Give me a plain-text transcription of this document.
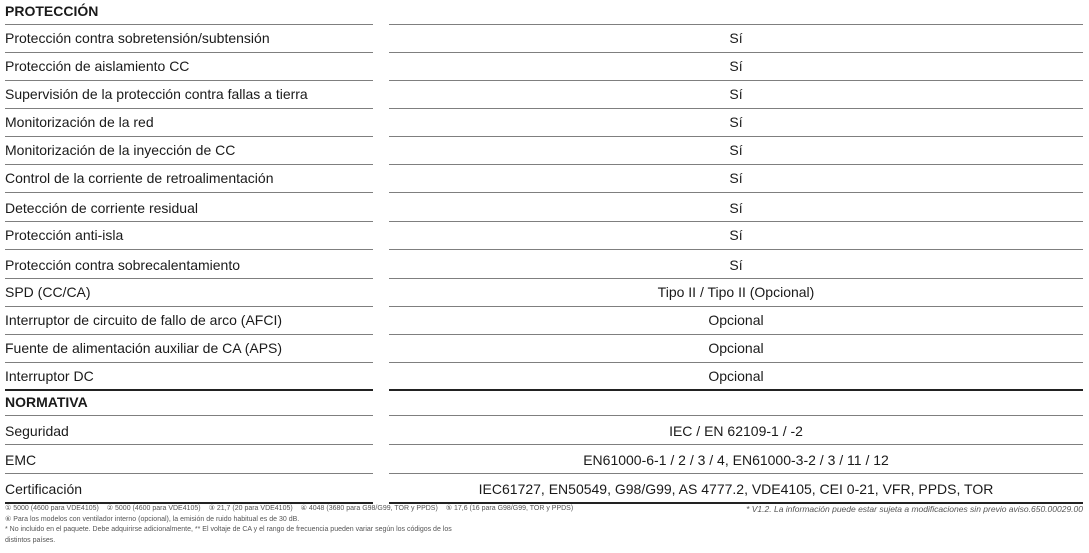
PROTECCIÓN
Protección contra sobretensión/subtensión	Sí
Protección de aislamiento CC	Sí
Supervisión de la protección contra fallas a tierra	Sí
Monitorización de la red	Sí
Monitorización de la inyección de CC	Sí
Control de la corriente de retroalimentación	Sí
Detección de corriente residual	Sí
Protección anti-isla	Sí
Protección contra sobrecalentamiento	Sí
SPD (CC/CA)	Tipo II / Tipo II (Opcional)
Interruptor de circuito de fallo de arco (AFCI)	Opcional
Fuente de alimentación auxiliar de CA (APS)	Opcional
Interruptor DC	Opcional
NORMATIVA
Seguridad	IEC / EN 62109-1 / -2
EMC	EN61000-6-1 / 2 / 3 / 4, EN61000-3-2 / 3 / 11 / 12
Certificación	IEC61727, EN50549, G98/G99, AS 4777.2, VDE4105, CEI 0-21, VFR, PPDS, TOR
① 5000 (4600 para VDE4105) ② 5000 (4600 para VDE4105) ③ 21,7 (20 para VDE4105) ④ 4048 (3680 para G98/G99, TOR y PPDS) ⑤ 17,6 (16 para G98/G99, TOR y PPDS)
⑥ Para los modelos con ventilador interno (opcional), la emisión de ruido habitual es de 30 dB.
* No incluido en el paquete. Debe adquirirse adicionalmente, ** El voltaje de CA y el rango de frecuencia pueden variar según los códigos de los
distintos países.
* V1.2. La información puede estar sujeta a modificaciones sin previo aviso.650.00029.00
